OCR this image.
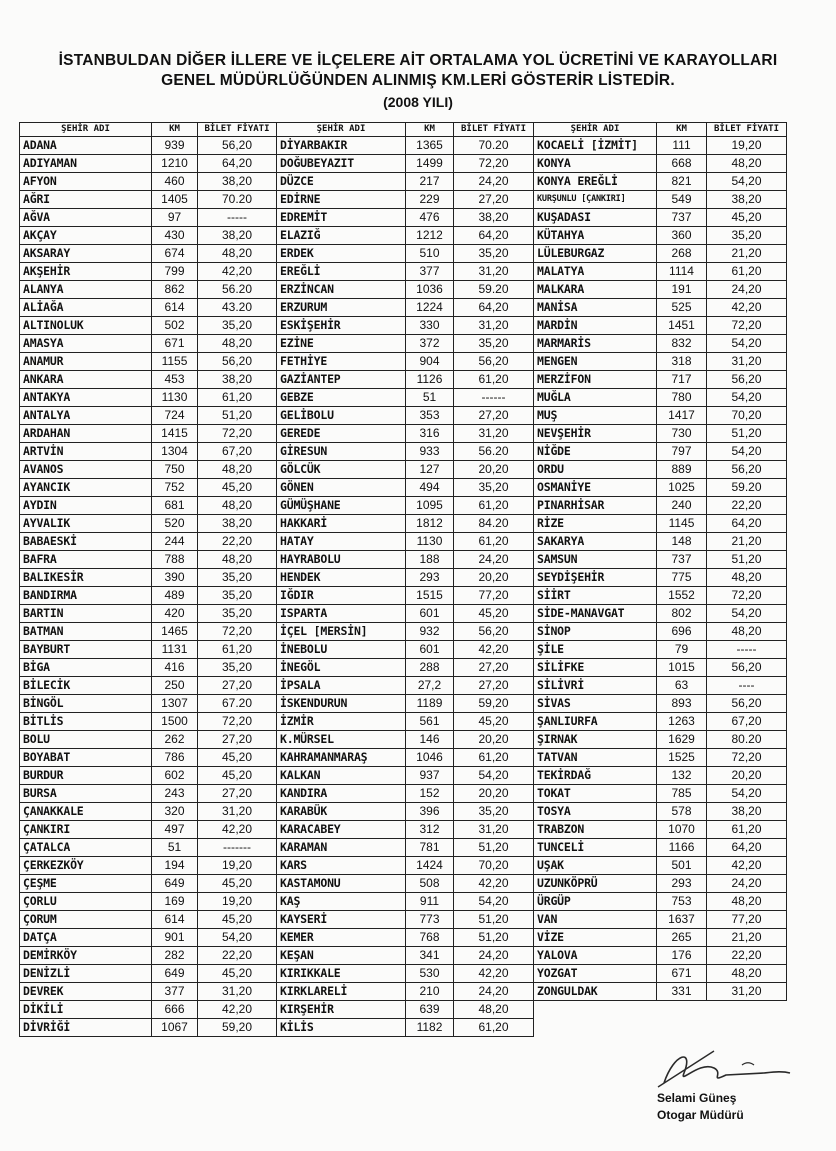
İSTANBULDAN DİĞER İLLERE VE İLÇELERE AİT ORTALAMA YOL ÜCRETİNİ VE KARAYOLLARI
GENEL MÜDÜRLÜĞÜNDEN ALINMIŞ KM.LERİ GÖSTERİR LİSTEDİR.
(2008 YILI)
ŞEHİR ADI	KM	BİLET FİYATI
ADANA	939	56,20
ADIYAMAN	1210	64,20
AFYON	460	38,20
AĞRI	1405	70.20
AĞVA	97	-----
AKÇAY	430	38,20
AKSARAY	674	48,20
AKŞEHİR	799	42,20
ALANYA	862	56.20
ALİAĞA	614	43.20
ALTINOLUK	502	35,20
AMASYA	671	48,20
ANAMUR	1155	56,20
ANKARA	453	38,20
ANTAKYA	1130	61,20
ANTALYA	724	51,20
ARDAHAN	1415	72,20
ARTVİN	1304	67,20
AVANOS	750	48,20
AYANCIK	752	45,20
AYDIN	681	48,20
AYVALIK	520	38,20
BABAESKİ	244	22,20
BAFRA	788	48,20
BALIKESİR	390	35,20
BANDIRMA	489	35,20
BARTIN	420	35,20
BATMAN	1465	72,20
BAYBURT	1131	61,20
BİGA	416	35,20
BİLECİK	250	27,20
BİNGÖL	1307	67.20
BİTLİS	1500	72,20
BOLU	262	27,20
BOYABAT	786	45,20
BURDUR	602	45,20
BURSA	243	27,20
ÇANAKKALE	320	31,20
ÇANKIRI	497	42,20
ÇATALCA	51	-------
ÇERKEZKÖY	194	19,20
ÇEŞME	649	45,20
ÇORLU	169	19,20
ÇORUM	614	45,20
DATÇA	901	54,20
DEMİRKÖY	282	22,20
DENİZLİ	649	45,20
DEVREK	377	31,20
DİKİLİ	666	42,20
DİVRİĞİ	1067	59,20
ŞEHİR ADI	KM	BİLET FİYATI
DİYARBAKIR	1365	70.20
DOĞUBEYAZIT	1499	72,20
DÜZCE	217	24,20
EDİRNE	229	27,20
EDREMİT	476	38,20
ELAZIĞ	1212	64,20
ERDEK	510	35,20
EREĞLİ	377	31,20
ERZİNCAN	1036	59.20
ERZURUM	1224	64,20
ESKİŞEHİR	330	31,20
EZİNE	372	35,20
FETHİYE	904	56,20
GAZİANTEP	1126	61,20
GEBZE	51	------
GELİBOLU	353	27,20
GEREDE	316	31,20
GİRESUN	933	56.20
GÖLCÜK	127	20,20
GÖNEN	494	35,20
GÜMÜŞHANE	1095	61,20
HAKKARİ	1812	84.20
HATAY	1130	61,20
HAYRABOLU	188	24,20
HENDEK	293	20,20
IĞDIR	1515	77,20
ISPARTA	601	45,20
İÇEL [MERSİN]	932	56,20
İNEBOLU	601	42,20
İNEGÖL	288	27,20
İPSALA	27,2	27,20
İSKENDURUN	1189	59,20
İZMİR	561	45,20
K.MÜRSEL	146	20,20
KAHRAMANMARAŞ	1046	61,20
KALKAN	937	54,20
KANDIRA	152	20,20
KARABÜK	396	35,20
KARACABEY	312	31,20
KARAMAN	781	51,20
KARS	1424	70,20
KASTAMONU	508	42,20
KAŞ	911	54,20
KAYSERİ	773	51,20
KEMER	768	51,20
KEŞAN	341	24,20
KIRIKKALE	530	42,20
KIRKLARELİ	210	24,20
KIRŞEHİR	639	48,20
KİLİS	1182	61,20
ŞEHİR ADI	KM	BİLET FİYATI
KOCAELİ [İZMİT]	111	19,20
KONYA	668	48,20
KONYA EREĞLİ	821	54,20
KURŞUNLU [ÇANKIRI]	549	38,20
KUŞADASI	737	45,20
KÜTAHYA	360	35,20
LÜLEBURGAZ	268	21,20
MALATYA	1114	61,20
MALKARA	191	24,20
MANİSA	525	42,20
MARDİN	1451	72,20
MARMARİS	832	54,20
MENGEN	318	31,20
MERZİFON	717	56,20
MUĞLA	780	54,20
MUŞ	1417	70,20
NEVŞEHİR	730	51,20
NİĞDE	797	54,20
ORDU	889	56,20
OSMANİYE	1025	59.20
PINARHİSAR	240	22,20
RİZE	1145	64,20
SAKARYA	148	21,20
SAMSUN	737	51,20
SEYDİŞEHİR	775	48,20
SİİRT	1552	72,20
SİDE-MANAVGAT	802	54,20
SİNOP	696	48,20
ŞİLE	79	-----
SİLİFKE	1015	56,20
SİLİVRİ	63	----
SİVAS	893	56,20
ŞANLIURFA	1263	67,20
ŞIRNAK	1629	80.20
TATVAN	1525	72,20
TEKİRDAĞ	132	20,20
TOKAT	785	54,20
TOSYA	578	38,20
TRABZON	1070	61,20
TUNCELİ	1166	64,20
UŞAK	501	42,20
UZUNKÖPRÜ	293	24,20
ÜRGÜP	753	48,20
VAN	1637	77,20
VİZE	265	21,20
YALOVA	176	22,20
YOZGAT	671	48,20
ZONGULDAK	331	31,20
Selami Güneş
Otogar Müdürü
